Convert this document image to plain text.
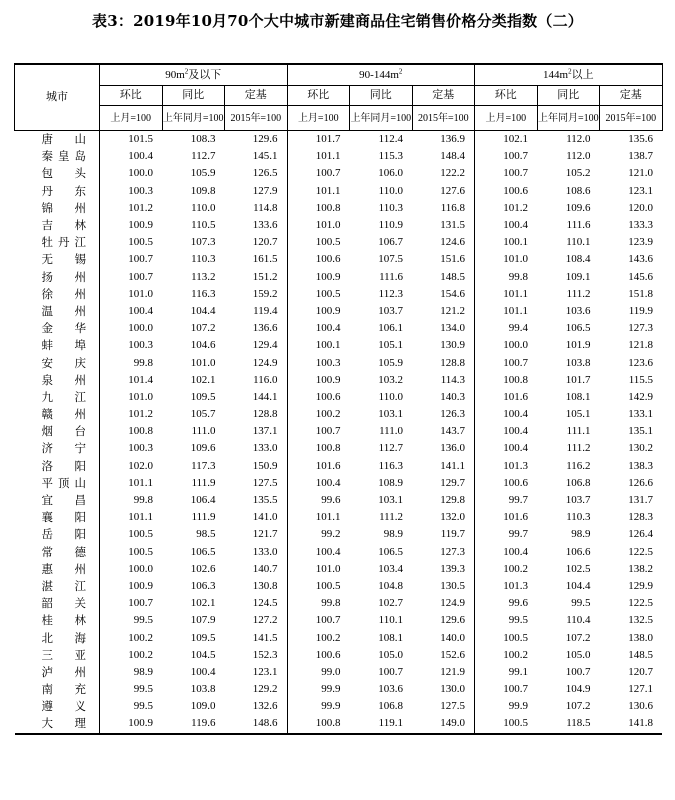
表3：2019年10月70个大中城市新建商品住宅销售价格分类指数（二）
城市	$90m^2$及以下			$90-144m^2$			$144m^2$以上		
	环比	同比	定基	环比	同比	定基	环比	同比	定基
	上月=100	上年同月=100	2015年=100	上月=100	上年同月=100	2015年=100	上月=100	上年同月=100	2015年=100
唐山	101.5	108.3	129.6	101.7	112.4	136.9	102.1	112.0	135.6
秦皇岛	100.4	112.7	145.1	101.1	115.3	148.4	100.7	112.0	138.7
包头	100.0	105.9	126.5	100.7	106.0	122.2	100.7	105.2	121.0
丹东	100.3	109.8	127.9	101.1	110.0	127.6	100.6	108.6	123.1
锦州	101.2	110.0	114.8	100.8	110.3	116.8	101.2	109.6	120.0
吉林	100.9	110.5	133.6	101.0	110.9	131.5	100.4	111.6	133.3
牡丹江	100.5	107.3	120.7	100.5	106.7	124.6	100.1	110.1	123.9
无锡	100.7	110.3	161.5	100.6	107.5	151.6	101.0	108.4	143.6
扬州	100.7	113.2	151.2	100.9	111.6	148.5	99.8	109.1	145.6
徐州	101.0	116.3	159.2	100.5	112.3	154.6	101.1	111.2	151.8
温州	100.4	104.4	119.4	100.9	103.7	121.2	101.1	103.6	119.9
金华	100.0	107.2	136.6	100.4	106.1	134.0	99.4	106.5	127.3
蚌埠	100.3	104.6	129.4	100.1	105.1	130.9	100.0	101.9	121.8
安庆	99.8	101.0	124.9	100.3	105.9	128.8	100.7	103.8	123.6
泉州	101.4	102.1	116.0	100.9	103.2	114.3	100.8	101.7	115.5
九江	101.0	109.5	144.1	100.6	110.0	140.3	101.6	108.1	142.9
赣州	101.2	105.7	128.8	100.2	103.1	126.3	100.4	105.1	133.1
烟台	100.8	111.0	137.1	100.7	111.0	143.7	100.4	111.1	135.1
济宁	100.3	109.6	133.0	100.8	112.7	136.0	100.4	111.2	130.2
洛阳	102.0	117.3	150.9	101.6	116.3	141.1	101.3	116.2	138.3
平顶山	101.1	111.9	127.5	100.4	108.9	129.7	100.6	106.8	126.6
宜昌	99.8	106.4	135.5	99.6	103.1	129.8	99.7	103.7	131.7
襄阳	101.1	111.9	141.0	101.1	111.2	132.0	101.6	110.3	128.3
岳阳	100.5	98.5	121.7	99.2	98.9	119.7	99.7	98.9	126.4
常德	100.5	106.5	133.0	100.4	106.5	127.3	100.4	106.6	122.5
惠州	100.0	102.6	140.7	101.0	103.4	139.3	100.2	102.5	138.2
湛江	100.9	106.3	130.8	100.5	104.8	130.5	101.3	104.4	129.9
韶关	100.7	102.1	124.5	99.8	102.7	124.9	99.6	99.5	122.5
桂林	99.5	107.9	127.2	100.7	110.1	129.6	99.5	110.4	132.5
北海	100.2	109.5	141.5	100.2	108.1	140.0	100.5	107.2	138.0
三亚	100.2	104.5	152.3	100.6	105.0	152.6	100.2	105.0	148.5
泸州	98.9	100.4	123.1	99.0	100.7	121.9	99.1	100.7	120.7
南充	99.5	103.8	129.2	99.9	103.6	130.0	100.7	104.9	127.1
遵义	99.5	109.0	132.6	99.9	106.8	127.5	99.9	107.2	130.6
大理	100.9	119.6	148.6	100.8	119.1	149.0	100.5	118.5	141.8
